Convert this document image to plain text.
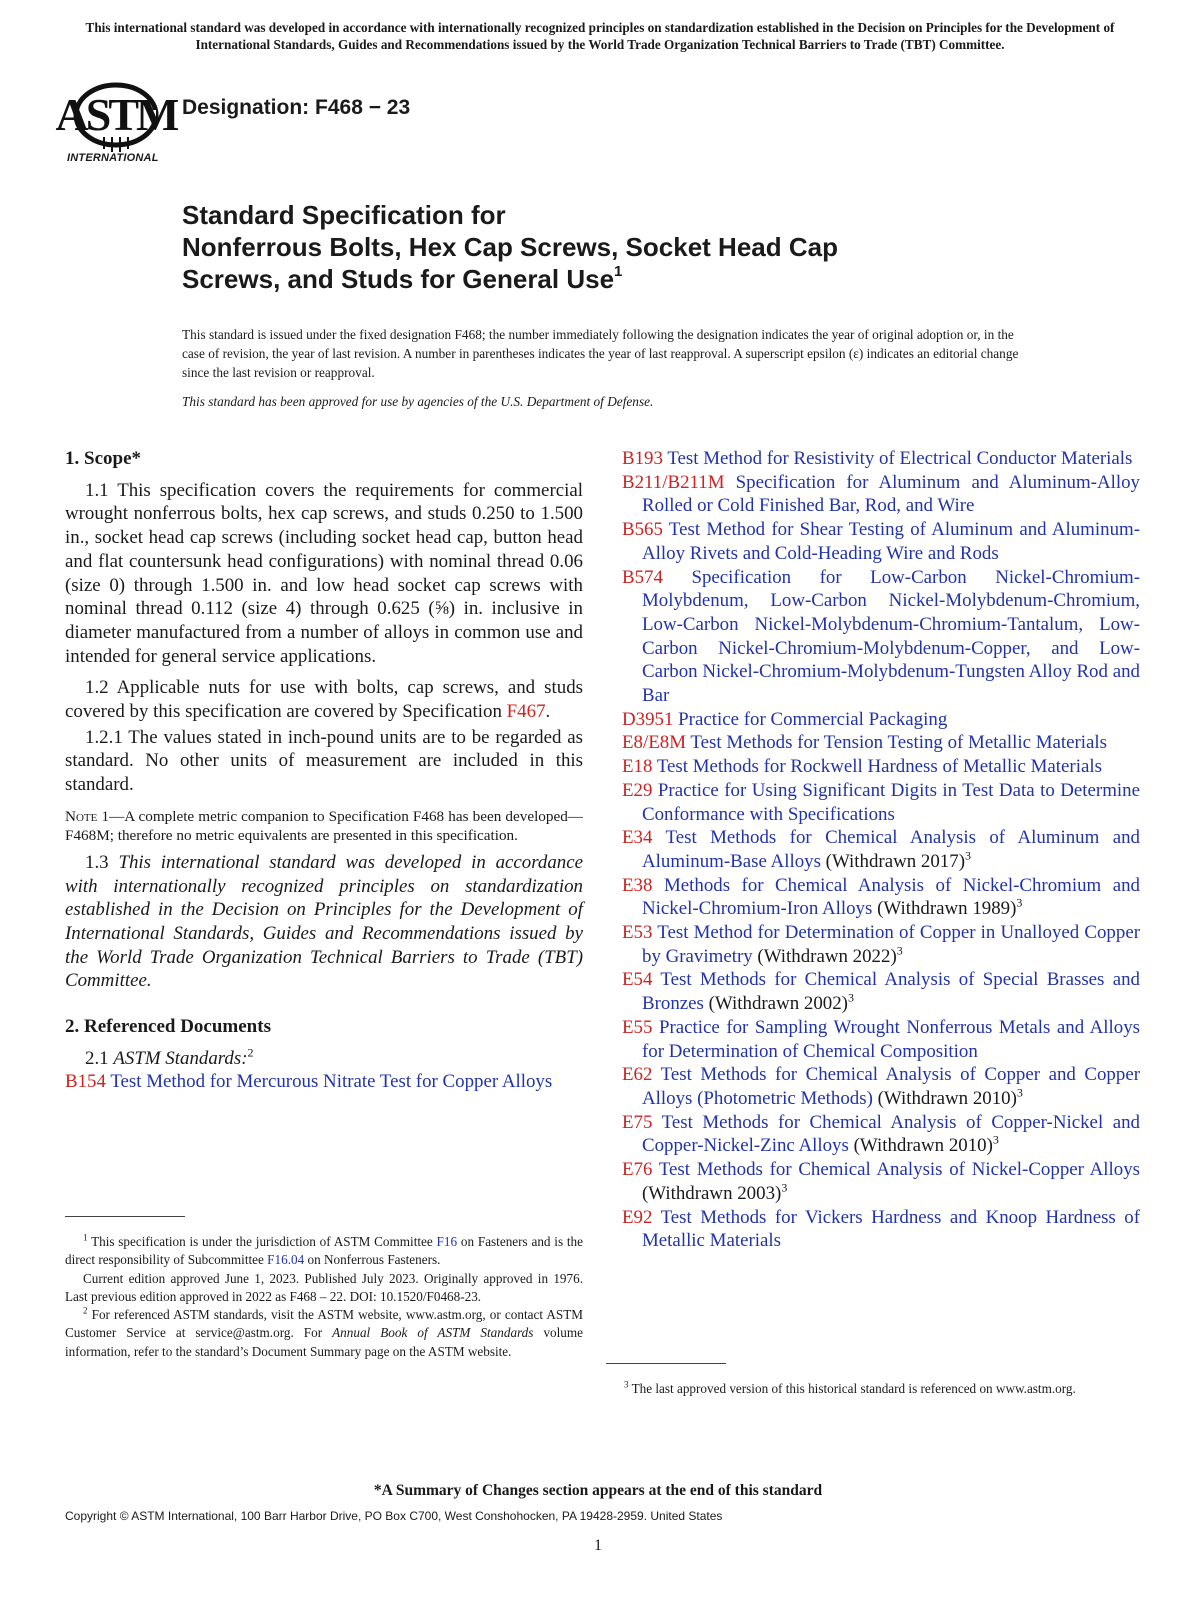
This international standard was developed in accordance with internationally recognized principles on standardization established in the Decision on Principles for the Development of International Standards, Guides and Recommendations issued by the World Trade Organization Technical Barriers to Trade (TBT) Committee.
ASTM
INTERNATIONAL
Designation: F468 − 23
Standard Specification for
Nonferrous Bolts, Hex Cap Screws, Socket Head Cap
Screws, and Studs for General Use$^1$

This standard is issued under the fixed designation F468; the number immediately following the designation indicates the year of original adoption or, in the case of revision, the year of last revision. A number in parentheses indicates the year of last reapproval. A superscript epsilon (ε) indicates an editorial change since the last revision or reapproval.

This standard has been approved for use by agencies of the U.S. Department of Defense.

1. Scope*

1.1 This specification covers the requirements for commercial wrought nonferrous bolts, hex cap screws, and studs 0.250 to 1.500 in., socket head cap screws (including socket head cap, button head and flat countersunk head configurations) with nominal thread 0.06 (size 0) through 1.500 in. and low head socket cap screws with nominal thread 0.112 (size 4) through 0.625 (⅝) in. inclusive in diameter manufactured from a number of alloys in common use and intended for general service applications.

1.2 Applicable nuts for use with bolts, cap screws, and studs covered by this specification are covered by Specification F467.

1.2.1 The values stated in inch-pound units are to be regarded as standard. No other units of measurement are included in this standard.

Note 1—A complete metric companion to Specification F468 has been developed—F468M; therefore no metric equivalents are presented in this specification.

1.3 This international standard was developed in accordance with internationally recognized principles on standardization established in the Decision on Principles for the Development of International Standards, Guides and Recommendations issued by the World Trade Organization Technical Barriers to Trade (TBT) Committee.

2. Referenced Documents

2.1 ASTM Standards:$^2$

B154 Test Method for Mercurous Nitrate Test for Copper Alloys

B193 Test Method for Resistivity of Electrical Conductor Materials

B211/B211M Specification for Aluminum and Aluminum-Alloy Rolled or Cold Finished Bar, Rod, and Wire

B565 Test Method for Shear Testing of Aluminum and Aluminum-Alloy Rivets and Cold-Heading Wire and Rods

B574 Specification for Low-Carbon Nickel-Chromium-Molybdenum, Low-Carbon Nickel-Molybdenum-Chromium, Low-Carbon Nickel-Molybdenum-Chromium-Tantalum, Low-Carbon Nickel-Chromium-Molybdenum-Copper, and Low-Carbon Nickel-Chromium-Molybdenum-Tungsten Alloy Rod and Bar

D3951 Practice for Commercial Packaging

E8/E8M Test Methods for Tension Testing of Metallic Materials

E18 Test Methods for Rockwell Hardness of Metallic Materials

E29 Practice for Using Significant Digits in Test Data to Determine Conformance with Specifications

E34 Test Methods for Chemical Analysis of Aluminum and Aluminum-Base Alloys (Withdrawn 2017)$^3$

E38 Methods for Chemical Analysis of Nickel-Chromium and Nickel-Chromium-Iron Alloys (Withdrawn 1989)$^3$

E53 Test Method for Determination of Copper in Unalloyed Copper by Gravimetry (Withdrawn 2022)$^3$

E54 Test Methods for Chemical Analysis of Special Brasses and Bronzes (Withdrawn 2002)$^3$

E55 Practice for Sampling Wrought Nonferrous Metals and Alloys for Determination of Chemical Composition

E62 Test Methods for Chemical Analysis of Copper and Copper Alloys (Photometric Methods) (Withdrawn 2010)$^3$

E75 Test Methods for Chemical Analysis of Copper-Nickel and Copper-Nickel-Zinc Alloys (Withdrawn 2010)$^3$

E76 Test Methods for Chemical Analysis of Nickel-Copper Alloys (Withdrawn 2003)$^3$

E92 Test Methods for Vickers Hardness and Knoop Hardness of Metallic Materials

$^1$ This specification is under the jurisdiction of ASTM Committee F16 on Fasteners and is the direct responsibility of Subcommittee F16.04 on Nonferrous Fasteners.

Current edition approved June 1, 2023. Published July 2023. Originally approved in 1976. Last previous edition approved in 2022 as F468 – 22. DOI: 10.1520/F0468-23.

$^2$ For referenced ASTM standards, visit the ASTM website, www.astm.org, or contact ASTM Customer Service at service@astm.org. For Annual Book of ASTM Standards volume information, refer to the standard’s Document Summary page on the ASTM website.

$^3$ The last approved version of this historical standard is referenced on www.astm.org.

*A Summary of Changes section appears at the end of this standard
Copyright © ASTM International, 100 Barr Harbor Drive, PO Box C700, West Conshohocken, PA 19428-2959. United States
1
